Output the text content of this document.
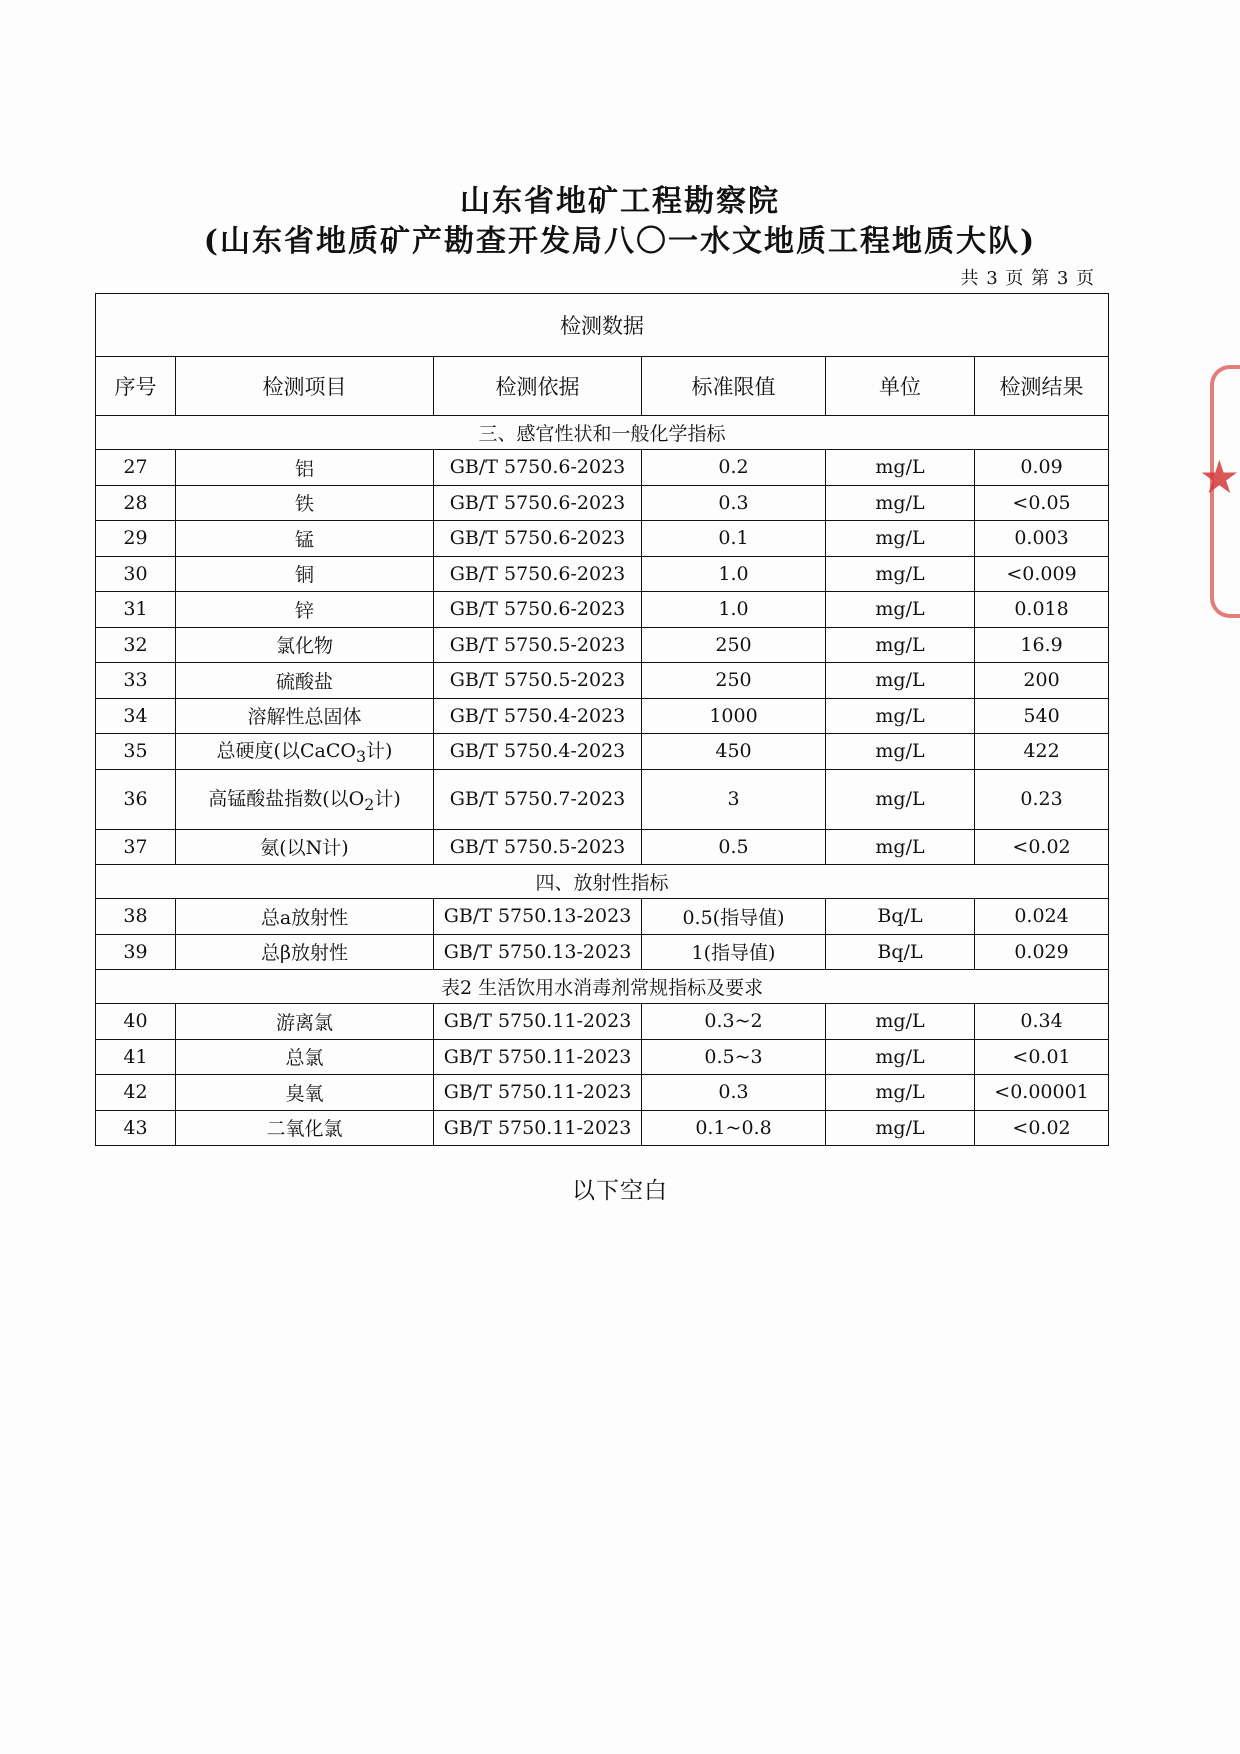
山东省地矿工程勘察院
(山东省地质矿产勘查开发局八〇一水文地质工程地质大队)
共 3 页 第 3 页
检测数据					
序号	检测项目	检测依据	标准限值	单位	检测结果
三、感官性状和一般化学指标					
27	铝	GB/T 5750.6-2023	0.2	mg/L	0.09
28	铁	GB/T 5750.6-2023	0.3	mg/L	<0.05
29	锰	GB/T 5750.6-2023	0.1	mg/L	0.003
30	铜	GB/T 5750.6-2023	1.0	mg/L	<0.009
31	锌	GB/T 5750.6-2023	1.0	mg/L	0.018
32	氯化物	GB/T 5750.5-2023	250	mg/L	16.9
33	硫酸盐	GB/T 5750.5-2023	250	mg/L	200
34	溶解性总固体	GB/T 5750.4-2023	1000	mg/L	540
35	总硬度(以CaCO$_3$计)	GB/T 5750.4-2023	450	mg/L	422
36	高锰酸盐指数(以$O_2$计)	GB/T 5750.7-2023	3	mg/L	0.23
37	氨(以N计)	GB/T 5750.5-2023	0.5	mg/L	<0.02
四、放射性指标					
38	总a放射性	GB/T 5750.13-2023	0.5(指导值)	Bq/L	0.024
39	总β放射性	GB/T 5750.13-2023	1(指导值)	Bq/L	0.029
表2 生活饮用水消毒剂常规指标及要求					
40	游离氯	GB/T 5750.11-2023	0.3~2	mg/L	0.34
41	总氯	GB/T 5750.11-2023	0.5~3	mg/L	<0.01
42	臭氧	GB/T 5750.11-2023	0.3	mg/L	<0.00001
43	二氧化氯	GB/T 5750.11-2023	0.1~0.8	mg/L	<0.02
以下空白
★
